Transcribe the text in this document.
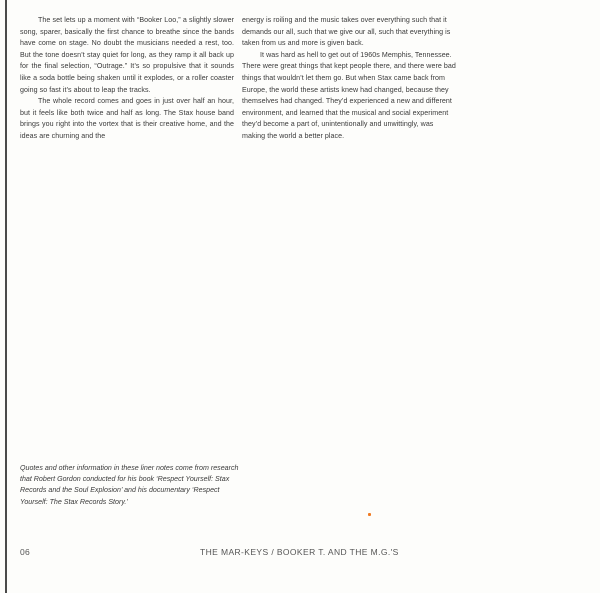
The set lets up a moment with “Booker Loo,” a slightly slower song, sparer, basically the first chance to breathe since the bands have come on stage. No doubt the musicians needed a rest, too. But the tone doesn’t stay quiet for long, as they ramp it all back up for the final selection, “Outrage.” It’s so propulsive that it sounds like a soda bottle being shaken until it explodes, or a roller coaster going so fast it’s about to leap the tracks.

The whole record comes and goes in just over half an hour, but it feels like both twice and half as long. The Stax house band brings you right into the vortex that is their creative home, and the ideas are churning and the

energy is roiling and the music takes over everything such that it demands our all, such that we give our all, such that everything is taken from us and more is given back.

It was hard as hell to get out of 1960s Memphis, Tennessee. There were great things that kept people there, and there were bad things that wouldn’t let them go. But when Stax came back from Europe, the world these artists knew had changed, because they themselves had changed. They’d experienced a new and different environment, and learned that the musical and social experiment they’d become a part of, unintentionally and unwittingly, was making the world a better place.

Quotes and other information in these liner notes come from research that Robert Gordon conducted for his book ‘Respect Yourself: Stax Records and the Soul Explosion’ and his documentary ‘Respect Yourself: The Stax Records Story.’

06	THE MAR-KEYS / BOOKER T. AND THE M.G.'S
